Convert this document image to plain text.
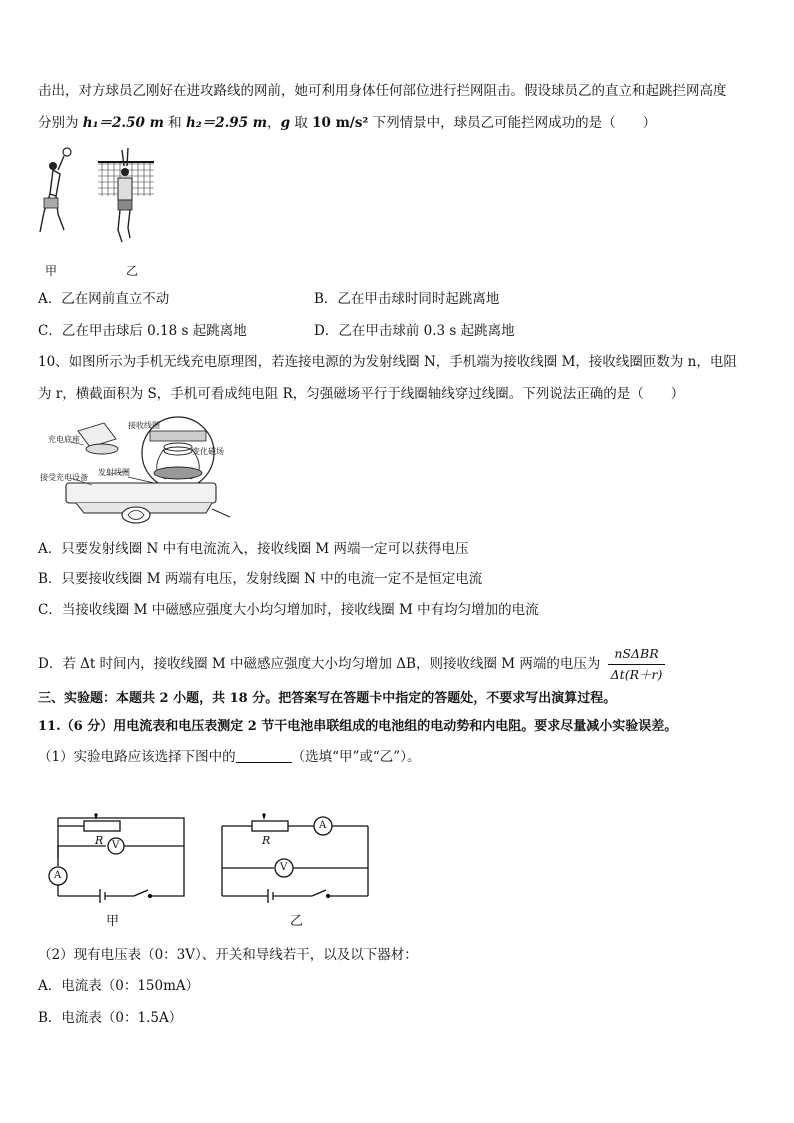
击出，对方球员乙刚好在进攻路线的网前，她可利用身体任何部位进行拦网阻击。假设球员乙的直立和起跳拦网高度
分别为 h₁＝2.50 m 和 h₂＝2.95 m，g 取 10 m/s² 下列情景中，球员乙可能拦网成功的是（　　）
甲	乙
A．乙在网前直立不动	B．乙在甲击球时同时起跳离地
C．乙在甲击球后 0.18 s 起跳离地	D．乙在甲击球前 0.3 s 起跳离地
10、如图所示为手机无线充电原理图，若连接电源的为发射线圈 N，手机端为接收线圈 M，接收线圈匝数为 n，电阻
为 r，横截面积为 S，手机可看成纯电阻 R，匀强磁场平行于线圈轴线穿过线圈。下列说法正确的是（　　）
充电底座
接收线圈
变化磁场
接受充电设备
发射线圈
A．只要发射线圈 N 中有电流流入，接收线圈 M 两端一定可以获得电压
B．只要接收线圈 M 两端有电压，发射线圈 N 中的电流一定不是恒定电流
C．当接收线圈 M 中磁感应强度大小均匀增加时，接收线圈 M 中有均匀增加的电流
D．若 Δt 时间内，接收线圈 M 中磁感应强度大小均匀增加 ΔB，则接收线圈 M 两端的电压为 $\frac{\text{nSΔBR}}{\Delta t(R+r)}$
三、实验题：本题共 2 小题，共 18 分。把答案写在答题卡中指定的答题处，不要求写出演算过程。
11.（6 分）用电流表和电压表测定 2 节干电池串联组成的电池组的电动势和内电阻。要求尽量减小实验误差。
（1）实验电路应该选择下图中的	（选填“甲”或“乙”）。
R V
A
甲
R
A
V
乙
（2）现有电压表（0：3V）、开关和导线若干，以及以下器材：
A．电流表（0：150mA）
B．电流表（0：1.5A）
